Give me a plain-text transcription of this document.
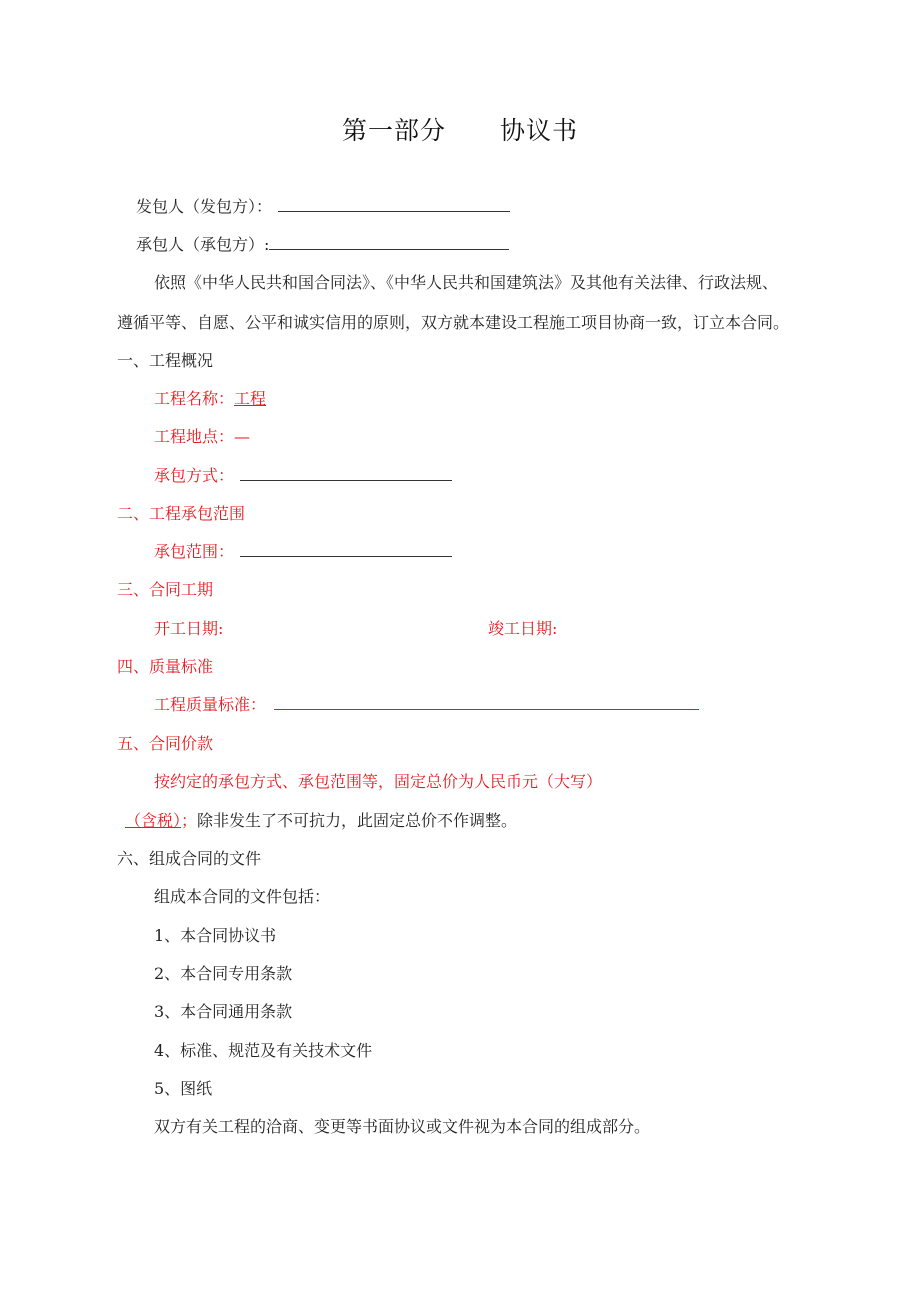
第一部分 协议书
发包人（发包方）：
承包人（承包方）:
依照《中华人民共和国合同法》、《中华人民共和国建筑法》及其他有关法律、行政法规、
遵循平等、自愿、公平和诚实信用的原则，双方就本建设工程施工项目协商一致，订立本合同。
一、工程概况
工程名称：工程
工程地点：—
承包方式：
二、工程承包范围
承包范围：
三、合同工期
开工日期:	竣工日期:
四、质量标准
工程质量标准：
五、合同价款
按约定的承包方式、承包范围等，固定总价为人民币元（大写）
（含税）；除非发生了不可抗力，此固定总价不作调整。
六、组成合同的文件
组成本合同的文件包括：
1、本合同协议书
2、本合同专用条款
3、本合同通用条款
4、标准、规范及有关技术文件
5、图纸
双方有关工程的洽商、变更等书面协议或文件视为本合同的组成部分。
